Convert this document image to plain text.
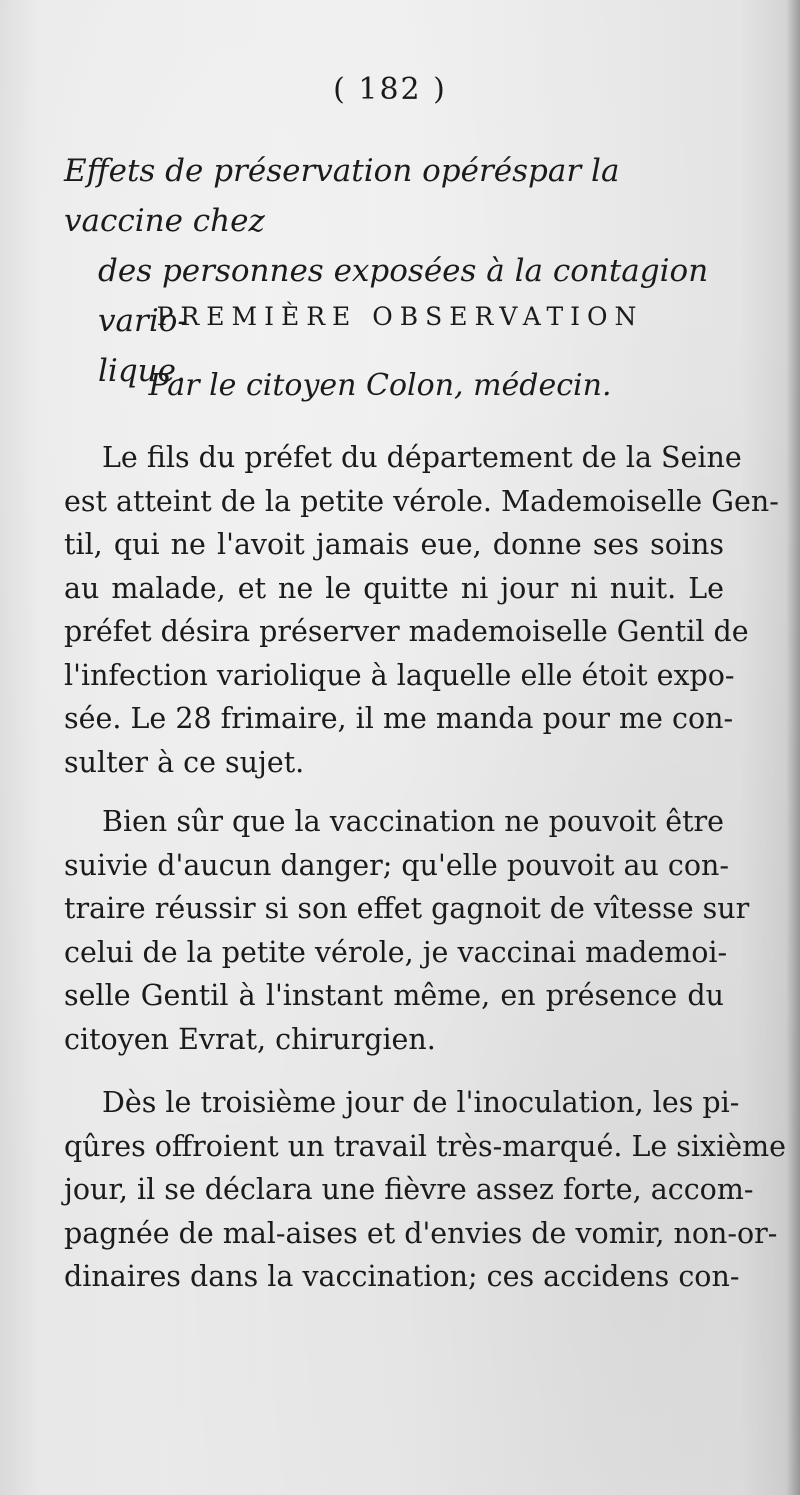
( 182 )
Effets de préservation opéréspar la vaccine chez
des personnes exposées à la contagion vario-
lique.
PREMIÈRE OBSERVATION
Par le citoyen Colon, médecin.
Le fils du préfet du département de la Seine
est atteint de la petite vérole. Mademoiselle Gen-
til, qui ne l'avoit jamais eue, donne ses soins
au malade, et ne le quitte ni jour ni nuit. Le
préfet désira préserver mademoiselle Gentil de
l'infection variolique à laquelle elle étoit expo-
sée. Le 28 frimaire, il me manda pour me con-
sulter à ce sujet.
Bien sûr que la vaccination ne pouvoit être
suivie d'aucun danger; qu'elle pouvoit au con-
traire réussir si son effet gagnoit de vîtesse sur
celui de la petite vérole, je vaccinai mademoi-
selle Gentil à l'instant même, en présence du
citoyen Evrat, chirurgien.
Dès le troisième jour de l'inoculation, les pi-
qûres offroient un travail très-marqué. Le sixième
jour, il se déclara une fièvre assez forte, accom-
pagnée de mal-aises et d'envies de vomir, non-or-
dinaires dans la vaccination; ces accidens con-
